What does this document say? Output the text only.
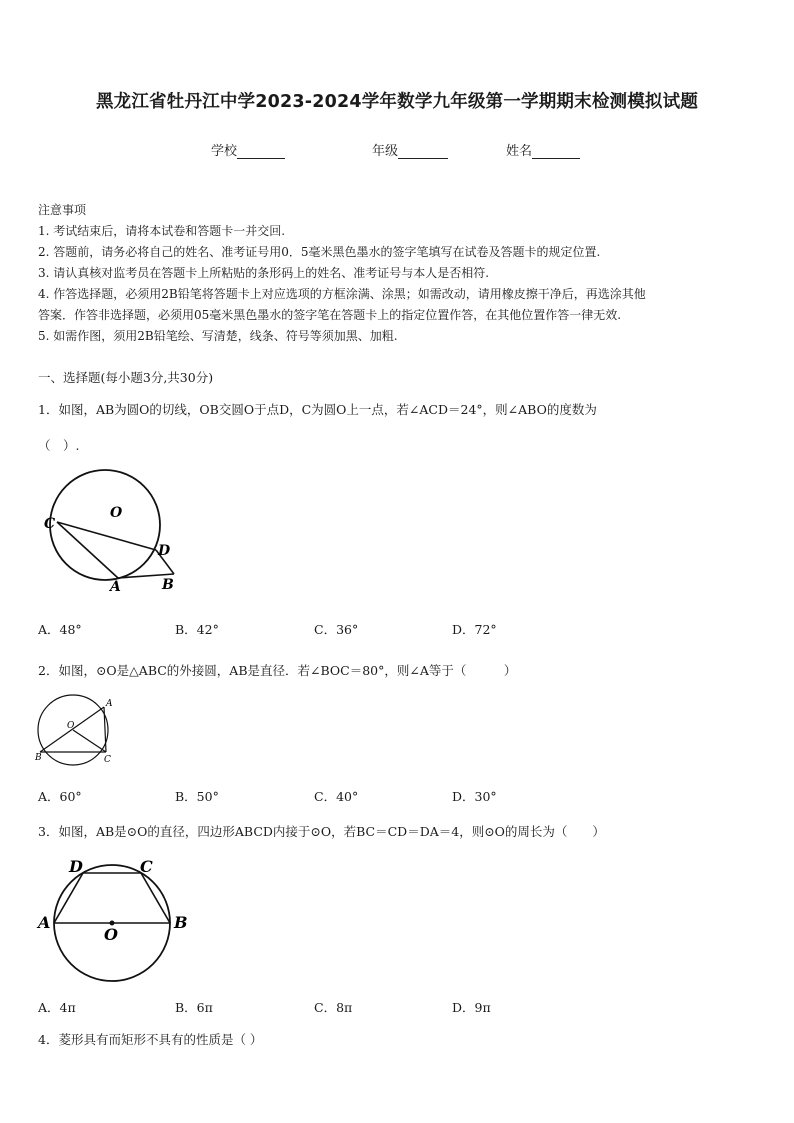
黑龙江省牡丹江中学2023-2024学年数学九年级第一学期期末检测模拟试题
学校	年级	姓名
注意事项
1. 考试结束后，请将本试卷和答题卡一并交回.
2. 答题前，请务必将自己的姓名、准考证号用0．5毫米黑色墨水的签字笔填写在试卷及答题卡的规定位置.
3. 请认真核对监考员在答题卡上所粘贴的条形码上的姓名、准考证号与本人是否相符.
4. 作答选择题，必须用2B铅笔将答题卡上对应选项的方框涂满、涂黑；如需改动，请用橡皮擦干净后，再选涂其他
答案．作答非选择题，必须用05毫米黑色墨水的签字笔在答题卡上的指定位置作答，在其他位置作答一律无效.
5. 如需作图，须用2B铅笔绘、写清楚，线条、符号等须加黑、加粗.
一、选择题(每小题3分,共30分)
1．如图，AB为圆O的切线，OB交圆O于点D，C为圆O上一点，若∠ACD＝24°，则∠ABO的度数为
（　）.
O
C
D
A	B
A．48°	B．42°	C．36°	D．72°
2．如图，⊙O是△ABC的外接圆，AB是直径．若∠BOC＝80°，则∠A等于（　　　）
A
O
B	C
A．60°	B．50°	C．40°	D．30°
3．如图，AB是⊙O的直径，四边形ABCD内接于⊙O，若BC＝CD＝DA＝4，则⊙O的周长为（　　）
D	C
A
O
B
A．4π	B．6π	C．8π	D．9π
4．菱形具有而矩形不具有的性质是（ ）
